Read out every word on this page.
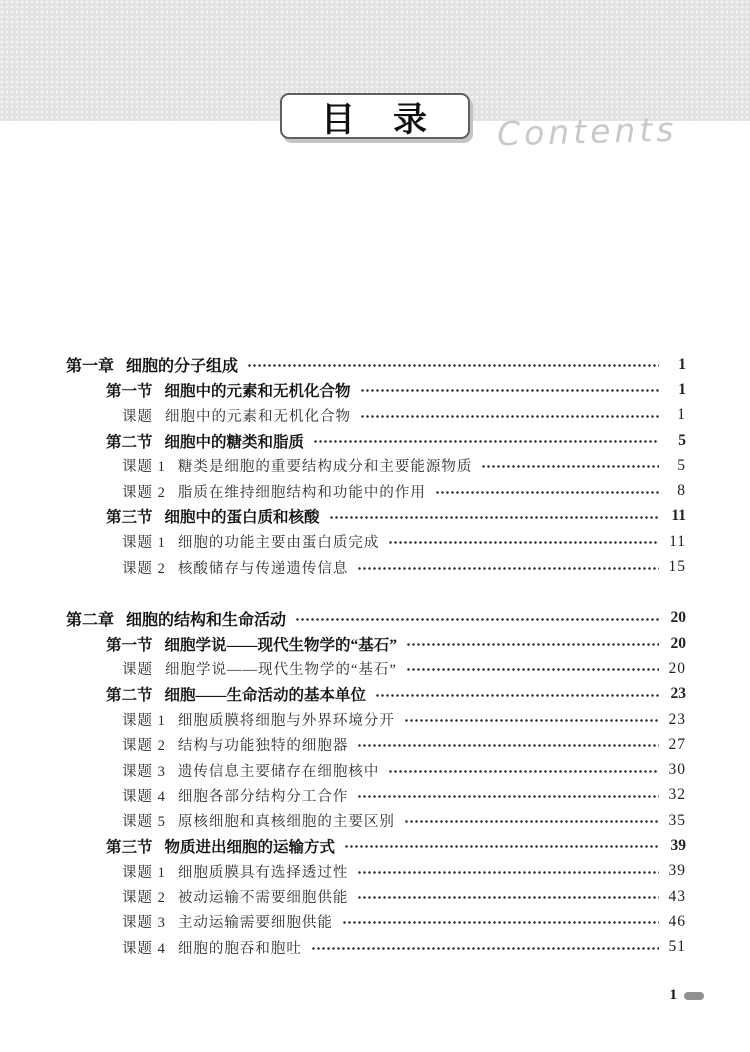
目　录 Contents
第一章 细胞的分子组成	1
第一节 细胞中的元素和无机化合物	1
课题 细胞中的元素和无机化合物	1
第二节 细胞中的糖类和脂质	5
课题 1 糖类是细胞的重要结构成分和主要能源物质	5
课题 2 脂质在维持细胞结构和功能中的作用	8
第三节 细胞中的蛋白质和核酸	11
课题 1 细胞的功能主要由蛋白质完成	11
课题 2 核酸储存与传递遗传信息	15
第二章 细胞的结构和生命活动	20
第一节 细胞学说——现代生物学的“基石”	20
课题 细胞学说——现代生物学的“基石”	20
第二节 细胞——生命活动的基本单位	23
课题 1 细胞质膜将细胞与外界环境分开	23
课题 2 结构与功能独特的细胞器	27
课题 3 遗传信息主要储存在细胞核中	30
课题 4 细胞各部分结构分工合作	32
课题 5 原核细胞和真核细胞的主要区别	35
第三节 物质进出细胞的运输方式	39
课题 1 细胞质膜具有选择透过性	39
课题 2 被动运输不需要细胞供能	43
课题 3 主动运输需要细胞供能	46
课题 4 细胞的胞吞和胞吐	51
1
